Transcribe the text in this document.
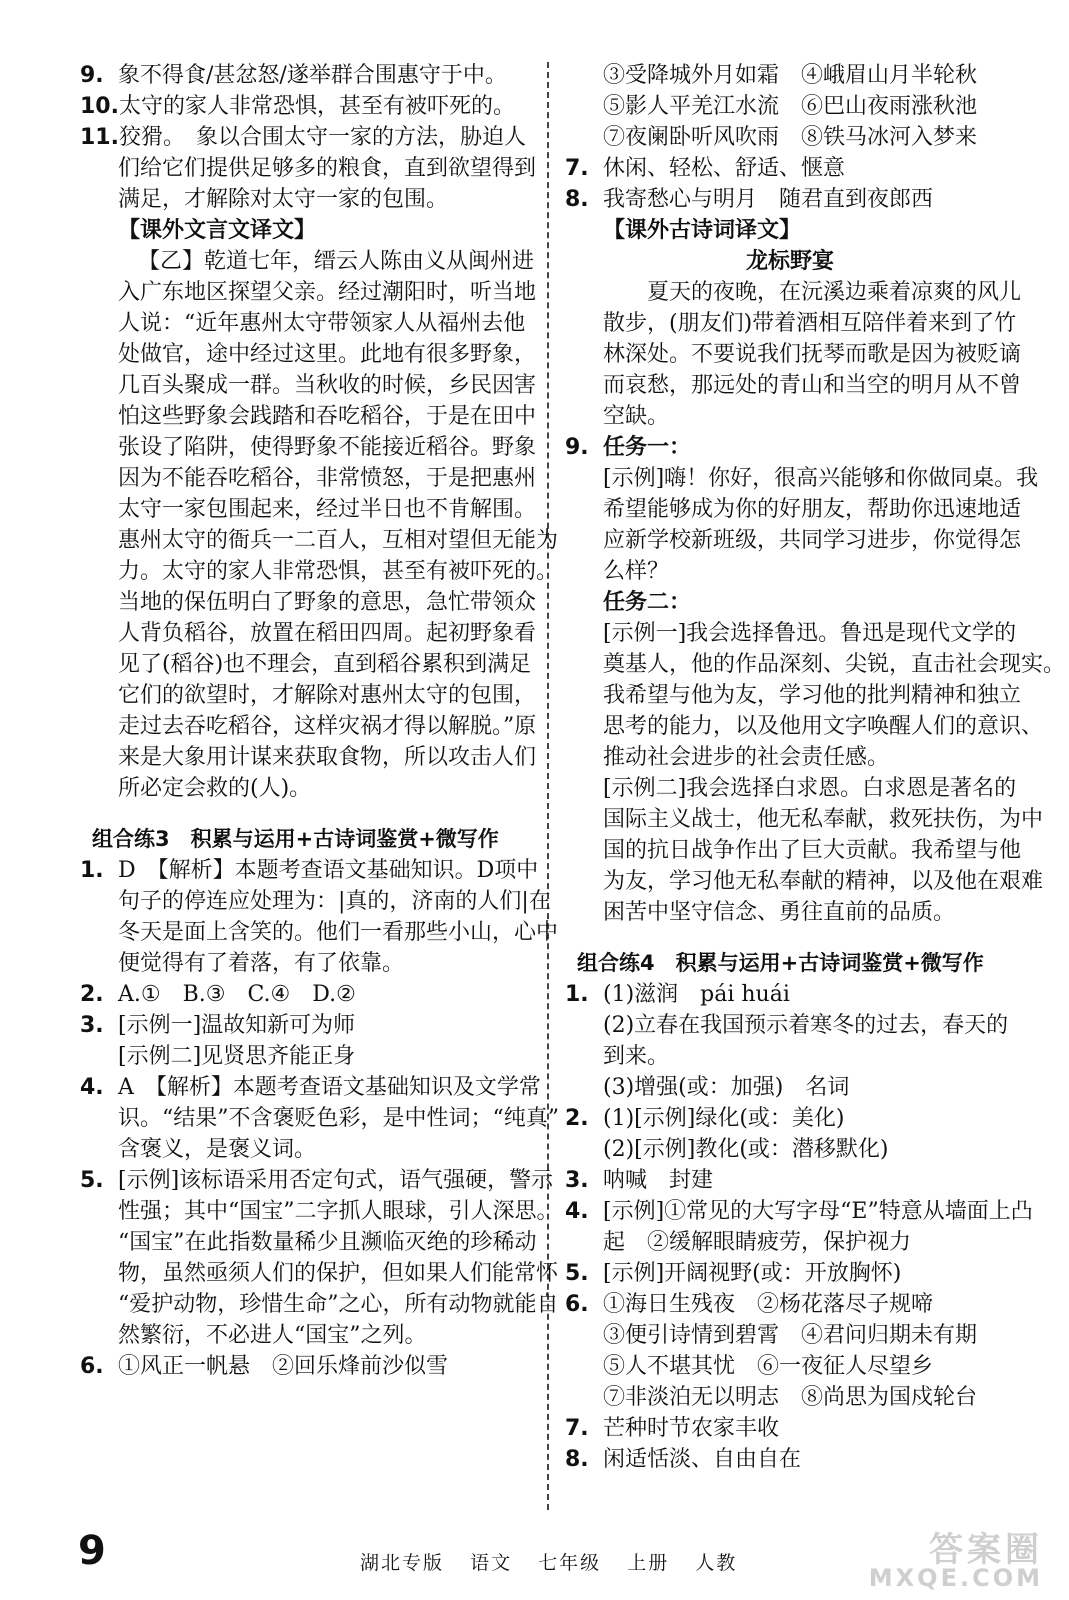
9. 象不得食/甚忿怒/遂举群合围惠守于中。
10.太守的家人非常恐惧，甚至有被吓死的。
11.狡猾。　象以合围太守一家的方法，胁迫人
们给它们提供足够多的粮食，直到欲望得到
满足，才解除对太守一家的包围。
【课外文言文译文】
【乙】乾道七年，缙云人陈由义从闽州进
入广东地区探望父亲。经过潮阳时，听当地
人说：“近年惠州太守带领家人从福州去他
处做官，途中经过这里。此地有很多野象，
几百头聚成一群。当秋收的时候，乡民因害
怕这些野象会践踏和吞吃稻谷，于是在田中
张设了陷阱，使得野象不能接近稻谷。野象
因为不能吞吃稻谷，非常愤怒，于是把惠州
太守一家包围起来，经过半日也不肯解围。
惠州太守的衙兵一二百人，互相对望但无能为
力。太守的家人非常恐惧，甚至有被吓死的。
当地的保伍明白了野象的意思，急忙带领众
人背负稻谷，放置在稻田四周。起初野象看
见了(稻谷)也不理会，直到稻谷累积到满足
它们的欲望时，才解除对惠州太守的包围，
走过去吞吃稻谷，这样灾祸才得以解脱。”原
来是大象用计谋来获取食物，所以攻击人们
所必定会救的(人)。
组合练3　积累与运用+古诗词鉴赏+微写作
1. D　【解析】本题考查语文基础知识。D项中
句子的停连应处理为：|真的，济南的人们|在
冬天是面上含笑的。他们一看那些小山，心中
便觉得有了着落，有了依靠。
2. A.①　B.③　C.④　D.②
3. [示例一]温故知新可为师
[示例二]见贤思齐能正身
4. A　【解析】本题考查语文基础知识及文学常
识。“结果”不含褒贬色彩，是中性词；“纯真”
含褒义，是褒义词。
5. [示例]该标语采用否定句式，语气强硬，警示
性强；其中“国宝”二字抓人眼球，引人深思。
“国宝”在此指数量稀少且濒临灭绝的珍稀动
物，虽然亟须人们的保护，但如果人们能常怀
“爱护动物，珍惜生命”之心，所有动物就能自
然繁衍，不必进人“国宝”之列。
6. ①风正一帆悬　②回乐烽前沙似雪
③受降城外月如霜　④峨眉山月半轮秋
⑤影人平羌江水流　⑥巴山夜雨涨秋池
⑦夜阑卧听风吹雨　⑧铁马冰河入梦来
7. 休闲、轻松、舒适、惬意
8. 我寄愁心与明月　随君直到夜郎西
【课外古诗词译文】
龙标野宴
　　夏天的夜晚，在沅溪边乘着凉爽的风儿
散步，(朋友们)带着酒相互陪伴着来到了竹
林深处。不要说我们抚琴而歌是因为被贬谪
而哀愁，那远处的青山和当空的明月从不曾
空缺。
9. 任务一：
[示例]嗨！你好，很高兴能够和你做同桌。我
希望能够成为你的好朋友，帮助你迅速地适
应新学校新班级，共同学习进步，你觉得怎
么样？
任务二：
[示例一]我会选择鲁迅。鲁迅是现代文学的
奠基人，他的作品深刻、尖锐，直击社会现实。
我希望与他为友，学习他的批判精神和独立
思考的能力，以及他用文字唤醒人们的意识、
推动社会进步的社会责任感。
[示例二]我会选择白求恩。白求恩是著名的
国际主义战士，他无私奉献，救死扶伤，为中
国的抗日战争作出了巨大贡献。我希望与他
为友，学习他无私奉献的精神，以及他在艰难
困苦中坚守信念、勇往直前的品质。
组合练4　积累与运用+古诗词鉴赏+微写作
1. (1)滋润　pái huái
(2)立春在我国预示着寒冬的过去，春天的
到来。
(3)增强(或：加强)　名词
2. (1)[示例]绿化(或：美化)
(2)[示例]教化(或：潜移默化)
3. 呐喊　封建
4. [示例]①常见的大写字母“E”特意从墙面上凸
起　②缓解眼睛疲劳，保护视力
5. [示例]开阔视野(或：开放胸怀)
6. ①海日生残夜　②杨花落尽子规啼
③便引诗情到碧霄　④君问归期未有期
⑤人不堪其忧　⑥一夜征人尽望乡
⑦非淡泊无以明志　⑧尚思为国戍轮台
7. 芒种时节农家丰收
8. 闲适恬淡、自由自在
9	湖北专版 语文 七年级 上册 人教	答案圈
MXQE.COM
